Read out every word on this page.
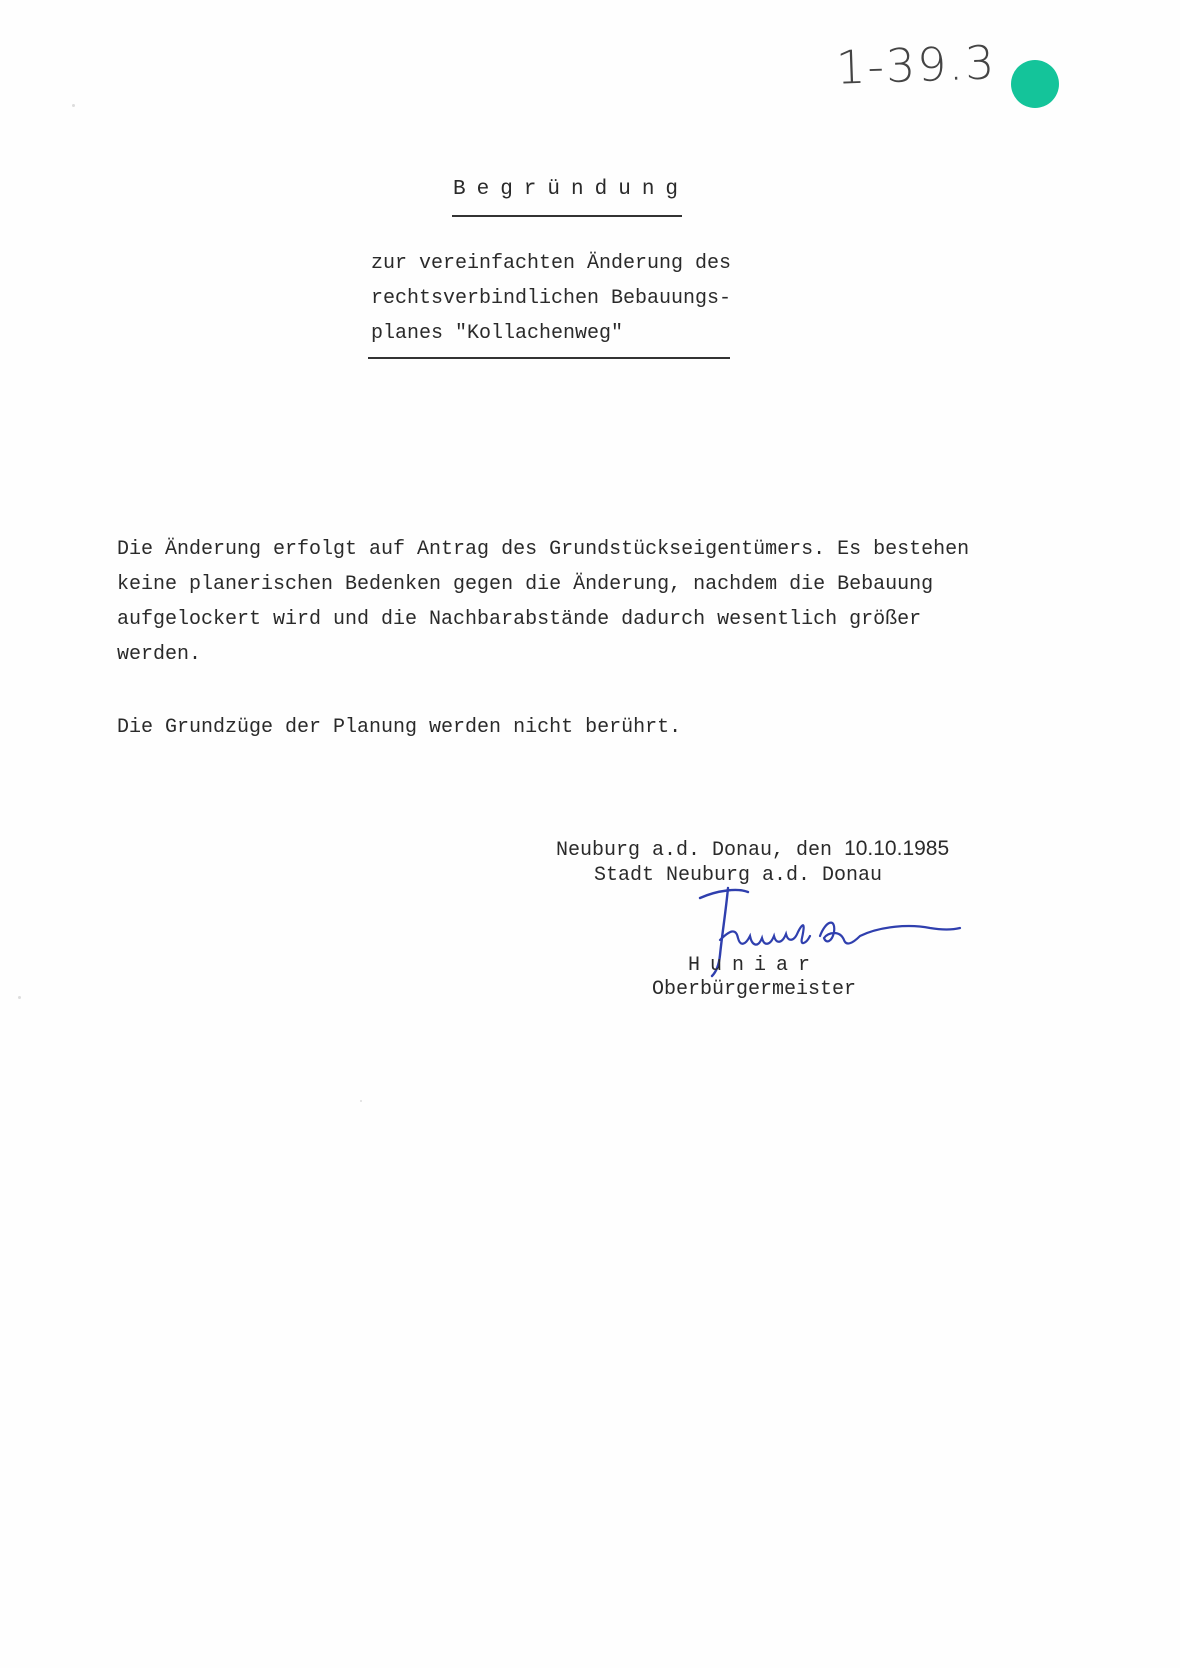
1-39.3
Begründung
zur vereinfachten Änderung des
rechtsverbindlichen Bebauungs-
planes "Kollachenweg"
Die Änderung erfolgt auf Antrag des Grundstückseigentümers. Es bestehen
keine planerischen Bedenken gegen die Änderung, nachdem die Bebauung
aufgelockert wird und die Nachbarabstände dadurch wesentlich größer
werden.
Die Grundzüge der Planung werden nicht berührt.
Neuburg a.d. Donau, den 10.10.1985
Stadt Neuburg a.d. Donau
Huniar
Oberbürgermeister
